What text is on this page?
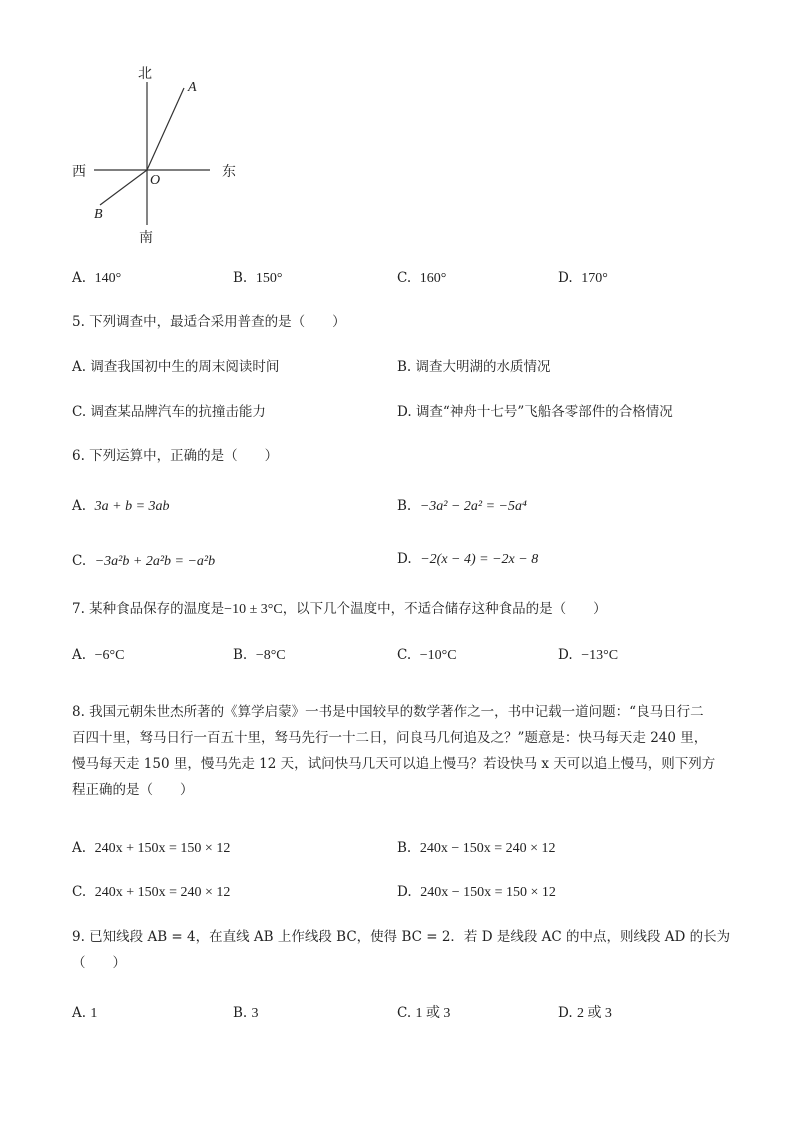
北
南
西	东
A
B
O
A. 140°	B. 150°	C. 160°	D. 170°
5. 下列调查中，最适合采用普查的是（　　）
A. 调查我国初中生的周末阅读时间	B. 调查大明湖的水质情况
C. 调查某品牌汽车的抗撞击能力	D. 调查“神舟十七号”飞船各零部件的合格情况
6. 下列运算中，正确的是（　　）
A. 3a + b = 3ab	B. −3a² − 2a² = −5a⁴
C. −3a²b + 2a²b = −a²b	D. −2(x − 4) = −2x − 8
7. 某种食品保存的温度是−10 ± 3°C，以下几个温度中，不适合储存这种食品的是（　　）
A. −6°C	B. −8°C	C. −10°C	D. −13°C
8. 我国元朝朱世杰所著的《算学启蒙》一书是中国较早的数学著作之一，书中记载一道问题：“良马日行二
百四十里，驽马日行一百五十里，驽马先行一十二日，问良马几何追及之？”题意是：快马每天走 240 里，
慢马每天走 150 里，慢马先走 12 天，试问快马几天可以追上慢马？若设快马 x 天可以追上慢马，则下列方
程正确的是（　　）
A. 240x + 150x = 150 × 12	B. 240x − 150x = 240 × 12
C. 240x + 150x = 240 × 12	D. 240x − 150x = 150 × 12
9. 已知线段 AB = 4，在直线 AB 上作线段 BC，使得 BC = 2．若 D 是线段 AC 的中点，则线段 AD 的长为
（　　）
A. 1	B. 3	C. 1 或 3	D. 2 或 3
